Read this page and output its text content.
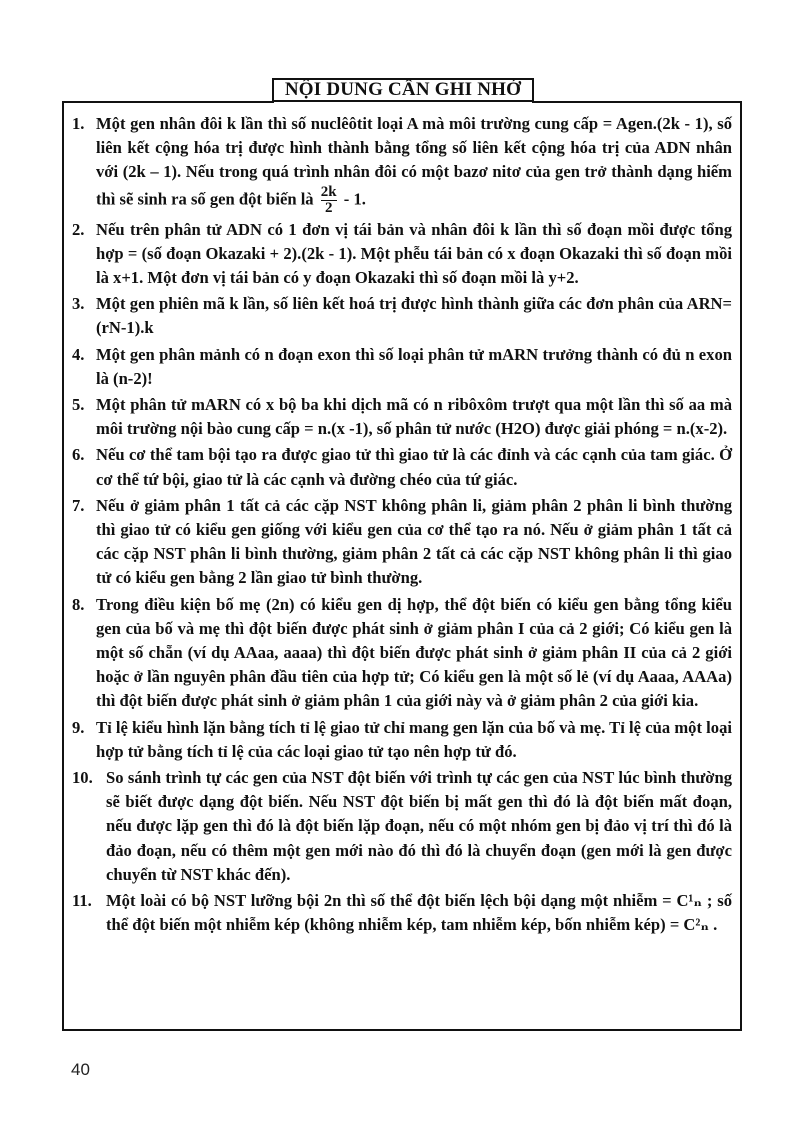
NỘI DUNG CẦN GHI NHỚ
1. Một gen nhân đôi k lần thì số nuclêôtit loại A mà môi trường cung cấp = Agen.(2k - 1), số liên kết cộng hóa trị được hình thành bằng tổng số liên kết cộng hóa trị của ADN nhân với (2k – 1). Nếu trong quá trình nhân đôi có một bazơ nitơ của gen trở thành dạng hiếm thì sẽ sinh ra số gen đột biến là $\frac{2k}{2} - 1$.
2. Nếu trên phân tử ADN có 1 đơn vị tái bản và nhân đôi k lần thì số đoạn mồi được tổng hợp = (số đoạn Okazaki + 2).(2k - 1). Một phễu tái bản có x đoạn Okazaki thì số đoạn mồi là x+1. Một đơn vị tái bản có y đoạn Okazaki thì số đoạn mồi là y+2.
3. Một gen phiên mã k lần, số liên kết hoá trị được hình thành giữa các đơn phân của ARN= (rN-1).k
4. Một gen phân mảnh có n đoạn exon thì số loại phân tử mARN trưởng thành có đủ n exon là (n-2)!
5. Một phân tử mARN có x bộ ba khi dịch mã có n ribôxôm trượt qua một lần thì số aa mà môi trường nội bào cung cấp = n.(x -1), số phân tử nước (H2O) được giải phóng = n.(x-2).
6. Nếu cơ thể tam bội tạo ra được giao tử thì giao tử là các đỉnh và các cạnh của tam giác. Ở cơ thể tứ bội, giao tử là các cạnh và đường chéo của tứ giác.
7. Nếu ở giảm phân 1 tất cả các cặp NST không phân li, giảm phân 2 phân li bình thường thì giao tử có kiểu gen giống với kiểu gen của cơ thể tạo ra nó. Nếu ở giảm phân 1 tất cả các cặp NST phân li bình thường, giảm phân 2 tất cả các cặp NST không phân li thì giao tử có kiểu gen bằng 2 lần giao tử bình thường.
8. Trong điều kiện bố mẹ (2n) có kiểu gen dị hợp, thể đột biến có kiểu gen bằng tổng kiểu gen của bố và mẹ thì đột biến được phát sinh ở giảm phân I của cả 2 giới; Có kiểu gen là một số chẵn (ví dụ AAaa, aaaa) thì đột biến được phát sinh ở giảm phân II của cả 2 giới hoặc ở lần nguyên phân đầu tiên của hợp tử; Có kiểu gen là một số lẻ (ví dụ Aaaa, AAAa) thì đột biến được phát sinh ở giảm phân 1 của giới này và ở giảm phân 2 của giới kia.
9. Tỉ lệ kiểu hình lặn bằng tích tỉ lệ giao tử chỉ mang gen lặn của bố và mẹ. Tỉ lệ của một loại hợp tử bằng tích tỉ lệ của các loại giao tử tạo nên hợp tử đó.
10. So sánh trình tự các gen của NST đột biến với trình tự các gen của NST lúc bình thường sẽ biết được dạng đột biến. Nếu NST đột biến bị mất gen thì đó là đột biến mất đoạn, nếu được lặp gen thì đó là đột biến lặp đoạn, nếu có một nhóm gen bị đảo vị trí thì đó là đảo đoạn, nếu có thêm một gen mới nào đó thì đó là chuyển đoạn (gen mới là gen được chuyển từ NST khác đến).
11. Một loài có bộ NST lưỡng bội 2n thì số thể đột biến lệch bội dạng một nhiễm = C¹ₙ ; số thể đột biến một nhiễm kép (không nhiễm kép, tam nhiễm kép, bốn nhiễm kép) = C²ₙ .
40
